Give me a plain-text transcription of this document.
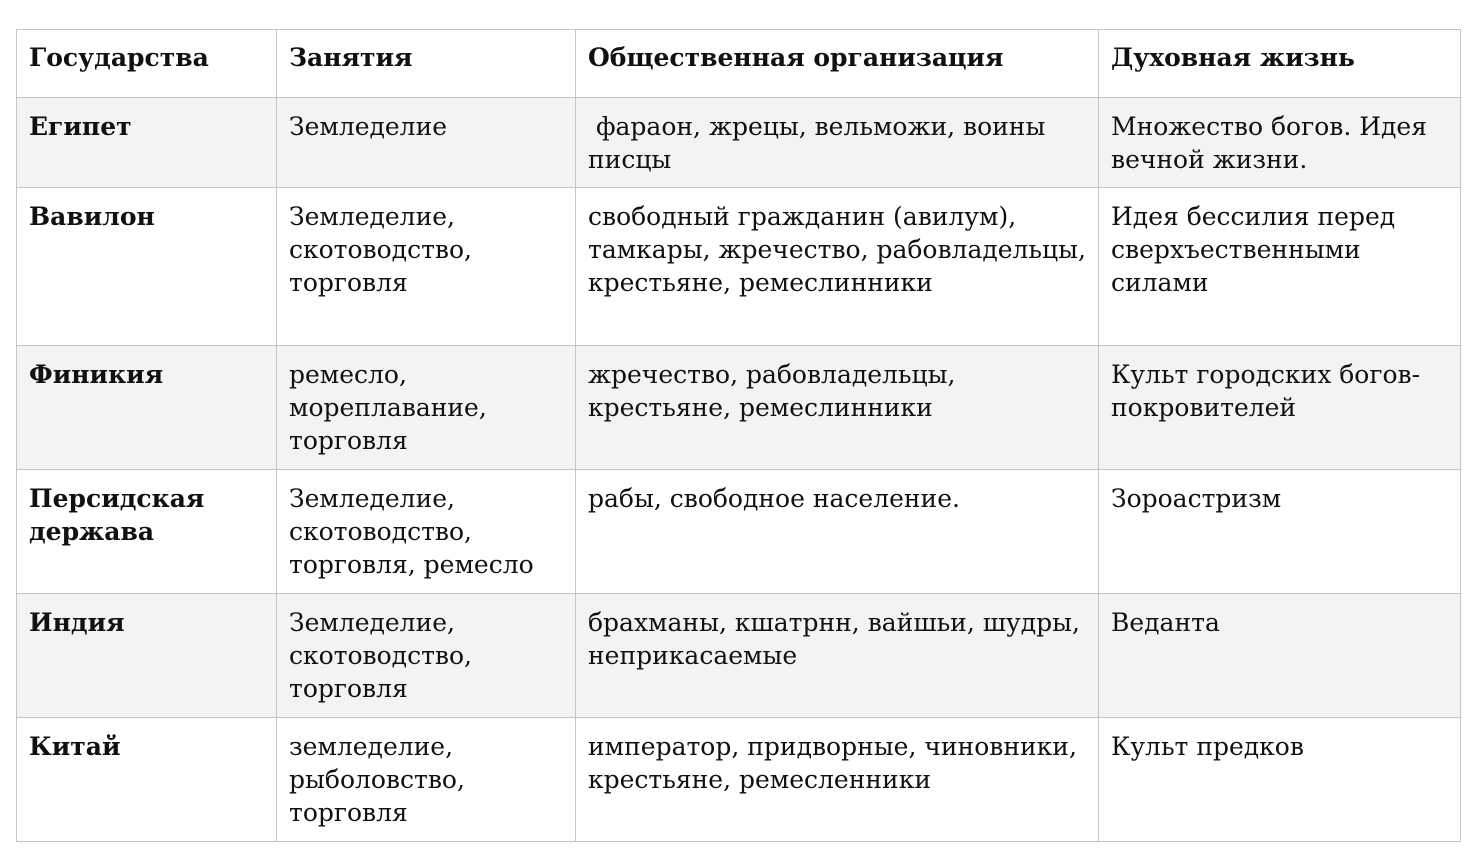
Государства	Занятия	Общественная организация	Духовная жизнь
Египет	Земледелие	фараон, жрецы, вельможи, воины писцы	Множество богов. Идея вечной жизни.
Вавилон	Земледелие, скотоводство, торговля	свободный гражданин (авилум), тамкары, жречество, рабовладельцы, крестьяне, ремеслинники	Идея бессилия перед сверхъественными силами
Финикия	ремесло, мореплавание, торговля	жречество, рабовладельцы, крестьяне, ремеслинники	Культ городских богов-покровителей
Персидская держава	Земледелие, скотоводство, торговля, ремесло	рабы, свободное население.	Зороастризм
Индия	Земледелие, скотоводство, торговля	брахманы, кшатрнн, вайшьи, шудры, неприкасаемые	Веданта
Китай	земледелие, рыболовство, торговля	император, придворные, чиновники, крестьяне, ремесленники	Культ предков
